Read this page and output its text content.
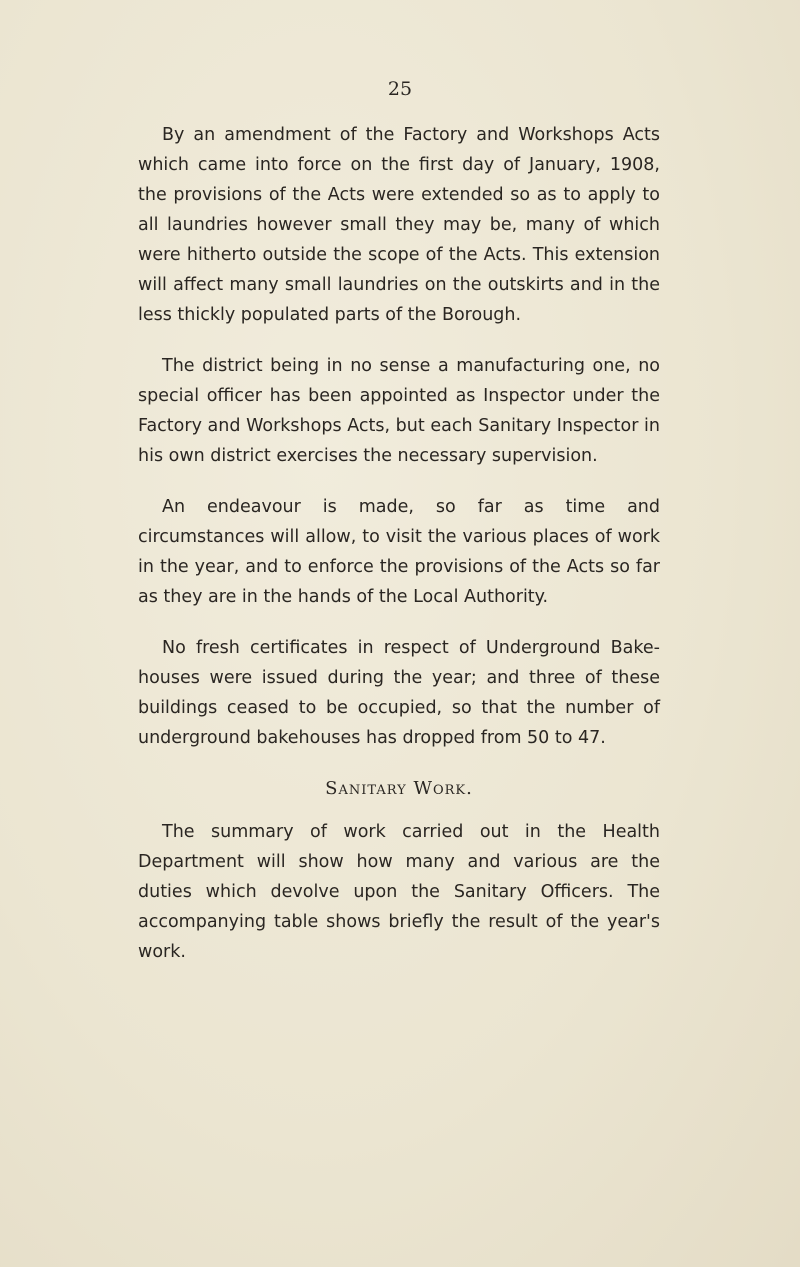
25

By an amendment of the Factory and Workshops Acts which came into force on the first day of January, 1908, the provisions of the Acts were extended so as to apply to all laundries however small they may be, many of which were hitherto outside the scope of the Acts. This extension will affect many small laundries on the outskirts and in the less thickly populated parts of the Borough.

The district being in no sense a manufacturing one, no special officer has been appointed as Inspector under the Factory and Workshops Acts, but each Sanitary Inspector in his own district exercises the necessary supervision.

An endeavour is made, so far as time and circumstances will allow, to visit the various places of work in the year, and to enforce the provisions of the Acts so far as they are in the hands of the Local Authority.

No fresh certificates in respect of Underground Bake-houses were issued during the year; and three of these buildings ceased to be occupied, so that the number of underground bakehouses has dropped from 50 to 47.

Sanitary Work.

The summary of work carried out in the Health Department will show how many and various are the duties which devolve upon the Sanitary Officers. The accompanying table shows briefly the result of the year's work.
